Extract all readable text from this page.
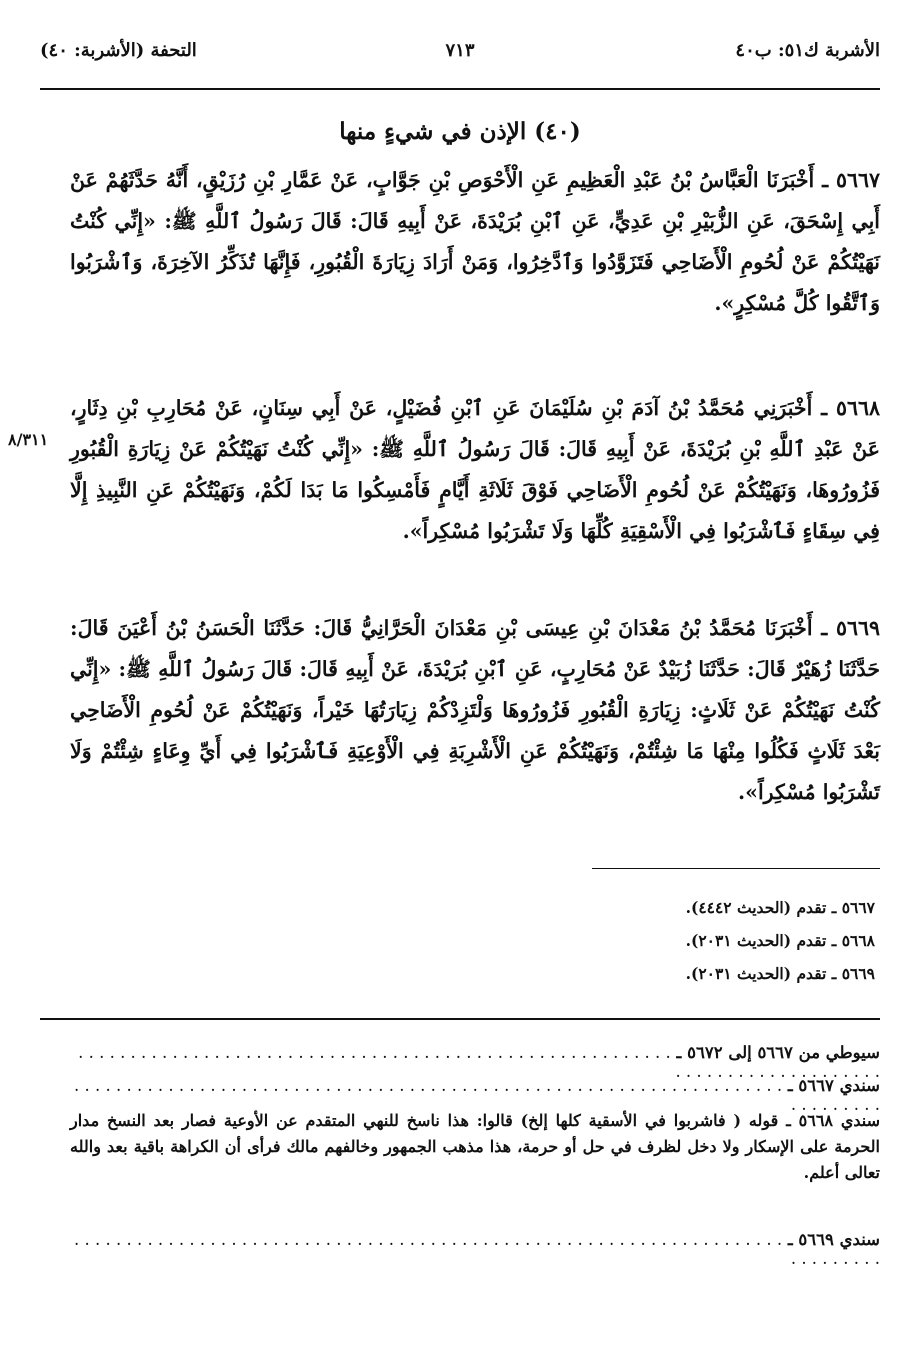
الأشربة ك٥١: ب٤٠
٧١٣
التحفة (الأشربة: ٤٠)
(٤٠) الإذن في شيءٍ منها
٥٦٦٧ ـ أَخْبَرَنَا الْعَبَّاسُ بْنُ عَبْدِ الْعَظِيمِ عَنِ الْأَحْوَصِ بْنِ جَوَّابٍ، عَنْ عَمَّارِ بْنِ رُزَيْقٍ، أَنَّهُ حَدَّثَهُمْ عَنْ أَبِي إِسْحَقَ، عَنِ الزُّبَيْرِ بْنِ عَدِيٍّ، عَنِ ٱبْنِ بُرَيْدَةَ، عَنْ أَبِيهِ قَالَ: قَالَ رَسُولُ ٱللَّهِ ﷺ: «إِنِّي كُنْتُ نَهَيْتُكُمْ عَنْ لُحُومِ الْأَضَاحِي فَتَزَوَّدُوا وَٱدَّخِرُوا، وَمَنْ أَرَادَ زِيَارَةَ الْقُبُورِ، فَإِنَّهَا تُذَكِّرُ الآخِرَةَ، وَٱشْرَبُوا وَٱتَّقُوا كُلَّ مُسْكِرٍ».
٥٦٦٨ ـ أَخْبَرَنِي مُحَمَّدُ بْنُ آدَمَ بْنِ سُلَيْمَانَ عَنِ ٱبْنِ فُضَيْلٍ، عَنْ أَبِي سِنَانٍ، عَنْ مُحَارِبِ بْنِ دِثَارٍ، عَنْ عَبْدِ ٱللَّهِ بْنِ بُرَيْدَةَ، عَنْ أَبِيهِ قَالَ: قَالَ رَسُولُ ٱللَّهِ ﷺ: «إِنِّي كُنْتُ نَهَيْتُكُمْ عَنْ زِيَارَةِ الْقُبُورِ فَزُورُوهَا، وَنَهَيْتُكُمْ عَنْ لُحُومِ الْأَضَاحِي فَوْقَ ثَلَاثَةِ أَيَّامٍ فَأَمْسِكُوا مَا بَدَا لَكُمْ، وَنَهَيْتُكُمْ عَنِ النَّبِيذِ إِلَّا فِي سِقَاءٍ فَٱشْرَبُوا فِي الْأَسْقِيَةِ كُلِّهَا وَلَا تَشْرَبُوا مُسْكِراً».
٥٦٦٩ ـ أَخْبَرَنَا مُحَمَّدُ بْنُ مَعْدَانَ بْنِ عِيسَى بْنِ مَعْدَانَ الْحَرَّانِيُّ قَالَ: حَدَّثَنَا الْحَسَنُ بْنُ أَعْيَنَ قَالَ: حَدَّثَنَا زُهَيْرٌ قَالَ: حَدَّثَنَا زُبَيْدٌ عَنْ مُحَارِبٍ، عَنِ ٱبْنِ بُرَيْدَةَ، عَنْ أَبِيهِ قَالَ: قَالَ رَسُولُ ٱللَّهِ ﷺ: «إِنِّي كُنْتُ نَهَيْتُكُمْ عَنْ ثَلَاثٍ: زِيَارَةِ الْقُبُورِ فَزُورُوهَا وَلْتَزِدْكُمْ زِيَارَتُهَا خَيْراً، وَنَهَيْتُكُمْ عَنْ لُحُومِ الْأَضَاحِي بَعْدَ ثَلَاثٍ فَكُلُوا مِنْهَا مَا شِئْتُمْ، وَنَهَيْتُكُمْ عَنِ الْأَشْرِبَةِ فِي الْأَوْعِيَةِ فَٱشْرَبُوا فِي أَيِّ وِعَاءٍ شِئْتُمْ وَلَا تَشْرَبُوا مُسْكِراً».
٨/٣١١
٥٦٦٧ ـ تقدم (الحديث ٤٤٤٢).
٥٦٦٨ ـ تقدم (الحديث ٢٠٣١).
٥٦٦٩ ـ تقدم (الحديث ٢٠٣١).
سيوطي من ٥٦٦٧ إلى ٥٦٧٢ ـ . . . . . . . . . . . . . . . . . . . . . . . . . . . . . . . . . . . . . . . . . . . . . . . . . . . . . . . . . . . . . . . . . . . . . . . . . . . . .
سندي ٥٦٦٧ ـ . . . . . . . . . . . . . . . . . . . . . . . . . . . . . . . . . . . . . . . . . . . . . . . . . . . . . . . . . . . . . . . . . . . . . . . . . . . . .
سندي ٥٦٦٨ ـ قوله ( فاشربوا في الأسقية كلها إلخ) قالوا: هذا ناسخ للنهي المتقدم عن الأوعية فصار بعد النسخ مدار الحرمة على الإسكار ولا دخل لظرف في حل أو حرمة، هذا مذهب الجمهور وخالفهم مالك فرأى أن الكراهة باقية بعد والله تعالى أعلم.
سندي ٥٦٦٩ ـ . . . . . . . . . . . . . . . . . . . . . . . . . . . . . . . . . . . . . . . . . . . . . . . . . . . . . . . . . . . . . . . . . . . . . . . . . . . . .
